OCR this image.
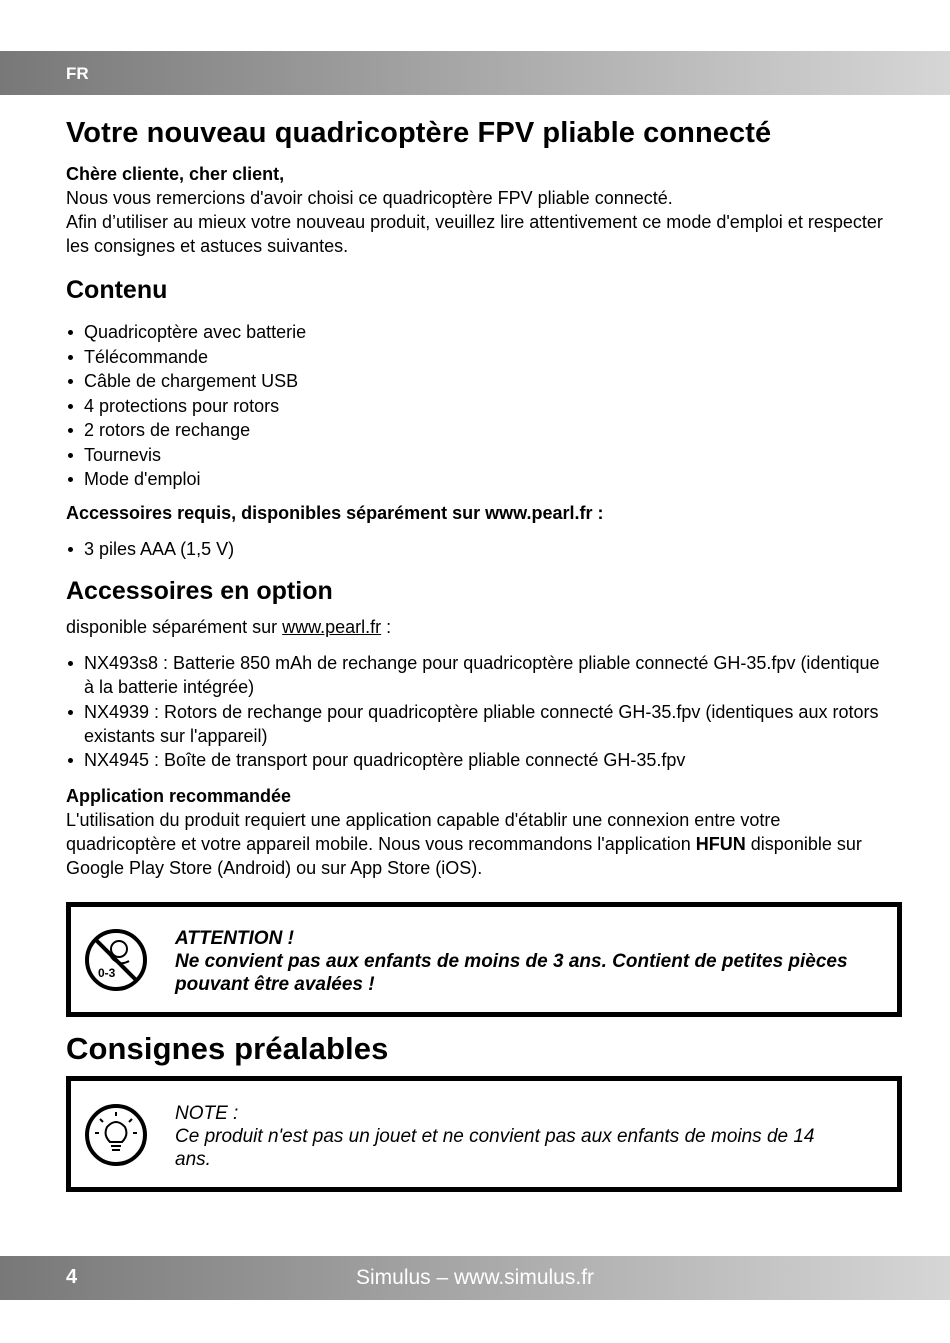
FR
Votre nouveau quadricoptère FPV pliable connecté
Chère cliente, cher client,

Nous vous remercions d'avoir choisi ce quadricoptère FPV pliable connecté.

Afin d’utiliser au mieux votre nouveau produit, veuillez lire attentivement ce mode d'emploi et respecter les consignes et astuces suivantes.

Contenu
Quadricoptère avec batterie
Télécommande
Câble de chargement USB
4 protections pour rotors
2 rotors de rechange
Tournevis
Mode d'emploi
Accessoires requis, disponibles séparément sur www.pearl.fr :
3 piles AAA (1,5 V)
Accessoires en option

disponible séparément sur www.pearl.fr :

NX493s8 : Batterie 850 mAh de rechange pour quadricoptère pliable connecté GH-35.fpv (identique à la batterie intégrée)
NX4939 : Rotors de rechange pour quadricoptère pliable connecté GH-35.fpv (identiques aux rotors existants sur l'appareil)
NX4945 : Boîte de transport pour quadricoptère pliable connecté GH-35.fpv
Application recommandée

L'utilisation du produit requiert une application capable d'établir une connexion entre votre quadricoptère et votre appareil mobile. Nous vous recommandons l'application HFUN disponible sur Google Play Store (Android) ou sur App Store (iOS).

0-3
ATTENTION !
Ne convient pas aux enfants de moins de 3 ans. Contient de petites pièces pouvant être avalées !
Consignes préalables
NOTE :
Ce produit n'est pas un jouet et ne convient pas aux enfants de moins de 14 ans.
4	Simulus – www.simulus.fr
